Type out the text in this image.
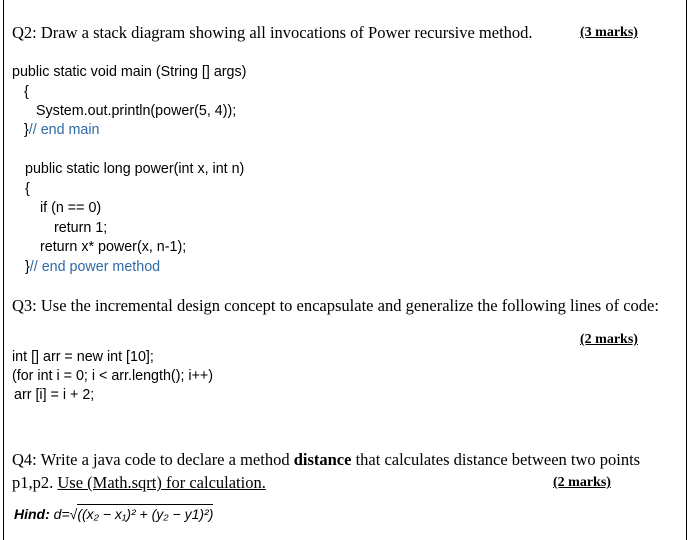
Q2: Draw a stack diagram showing all invocations of Power recursive method.	(3 marks)
public static void main (String [] args)
{
System.out.println(power(5, 4));
}// end main
public static long power(int x, int n)
{
if (n == 0)
return 1;
return x* power(x, n-1);
}// end power method
Q3: Use the incremental design concept to encapsulate and generalize the following lines of code:
(2 marks)
int [] arr = new int [10];
(for int i = 0; i < arr.length(); i++)
arr [i] = i + 2;
Q4: Write a java code to declare a method distance that calculates distance between two points
p1,p2. Use (Math.sqrt) for calculation.	(2 marks)
Hind: d=√((x₂ − x₁)² + (y₂ − y1)²)
